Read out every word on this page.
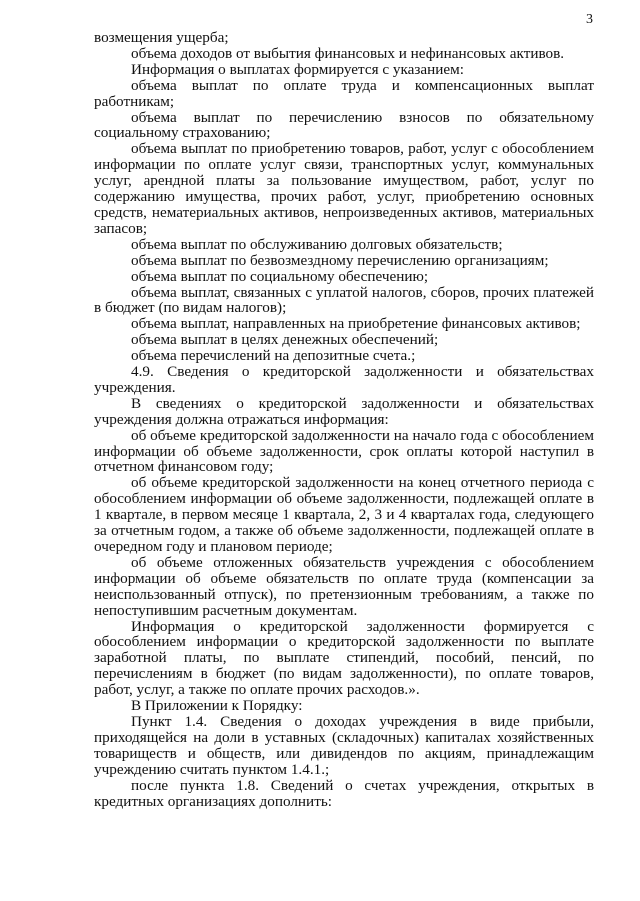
3

возмещения ущерба;

объема доходов от выбытия финансовых и нефинансовых активов.

Информация о выплатах формируется с указанием:

объема выплат по оплате труда и компенсационных выплат работникам;

объема выплат по перечислению взносов по обязательному социальному страхованию;

объема выплат по приобретению товаров, работ, услуг с обособлением информации по оплате услуг связи, транспортных услуг, коммунальных услуг, арендной платы за пользование имуществом, работ, услуг по содержанию имущества, прочих работ, услуг, приобретению основных средств, нематериальных активов, непроизведенных активов, материальных запасов;

объема выплат по обслуживанию долговых обязательств;

объема выплат по безвозмездному перечислению организациям;

объема выплат по социальному обеспечению;

объема выплат, связанных с уплатой налогов, сборов, прочих платежей в бюджет (по видам налогов);

объема выплат, направленных на приобретение финансовых активов;

объема выплат в целях денежных обеспечений;

объема перечислений на депозитные счета.;

4.9. Сведения о кредиторской задолженности и обязательствах учреждения.

В сведениях о кредиторской задолженности и обязательствах учреждения должна отражаться информация:

об объеме кредиторской задолженности на начало года с обособлением информации об объеме задолженности, срок оплаты которой наступил в отчетном финансовом году;

об объеме кредиторской задолженности на конец отчетного периода с обособлением информации об объеме задолженности, подлежащей оплате в 1 квартале, в первом месяце 1 квартала, 2, 3 и 4 кварталах года, следующего за отчетным годом, а также об объеме задолженности, подлежащей оплате в очередном году и плановом периоде;

об объеме отложенных обязательств учреждения с обособлением информации об объеме обязательств по оплате труда (компенсации за неиспользованный отпуск), по претензионным требованиям, а также по непоступившим расчетным документам.

Информация о кредиторской задолженности формируется с обособлением информации о кредиторской задолженности по выплате заработной платы, по выплате стипендий, пособий, пенсий, по перечислениям в бюджет (по видам задолженности), по оплате товаров, работ, услуг, а также по оплате прочих расходов.».

В Приложении к Порядку:

Пункт 1.4. Сведения о доходах учреждения в виде прибыли, приходящейся на доли в уставных (складочных) капиталах хозяйственных товариществ и обществ, или дивидендов по акциям, принадлежащим учреждению считать пунктом 1.4.1.;

после пункта 1.8. Сведений о счетах учреждения, открытых в кредитных организациях дополнить:
